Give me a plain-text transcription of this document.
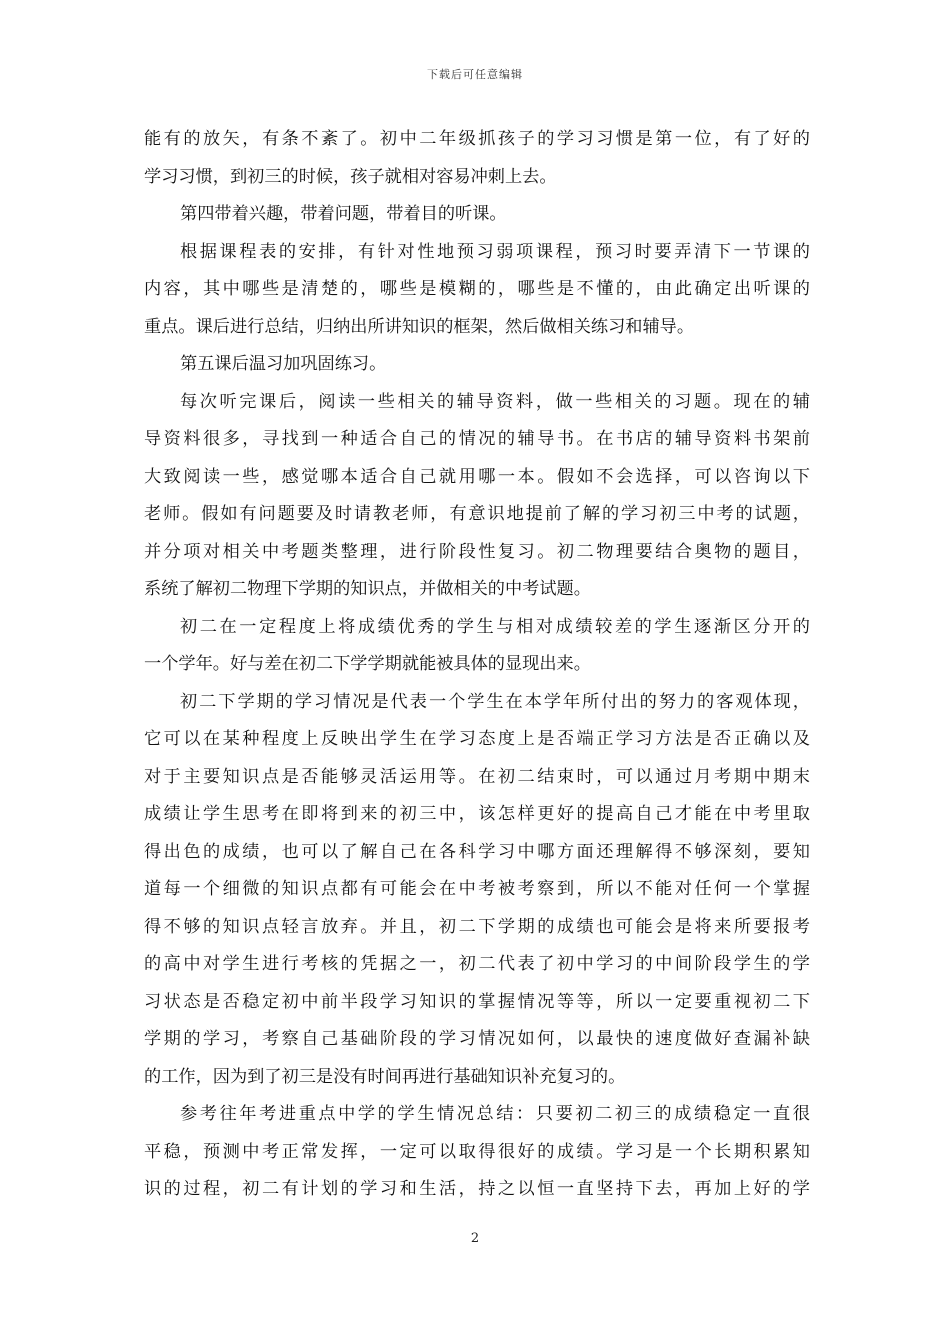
下载后可任意编辑
能有的放矢，有条不紊了。初中二年级抓孩子的学习习惯是第一位，有了好的
学习习惯，到初三的时候，孩子就相对容易冲刺上去。
第四带着兴趣，带着问题，带着目的听课。
根据课程表的安排，有针对性地预习弱项课程，预习时要弄清下一节课的
内容，其中哪些是清楚的，哪些是模糊的，哪些是不懂的，由此确定出听课的
重点。课后进行总结，归纳出所讲知识的框架，然后做相关练习和辅导。
第五课后温习加巩固练习。
每次听完课后，阅读一些相关的辅导资料，做一些相关的习题。现在的辅
导资料很多，寻找到一种适合自己的情况的辅导书。在书店的辅导资料书架前
大致阅读一些，感觉哪本适合自己就用哪一本。假如不会选择，可以咨询以下
老师。假如有问题要及时请教老师，有意识地提前了解的学习初三中考的试题，
并分项对相关中考题类整理，进行阶段性复习。初二物理要结合奥物的题目，
系统了解初二物理下学期的知识点，并做相关的中考试题。
初二在一定程度上将成绩优秀的学生与相对成绩较差的学生逐渐区分开的
一个学年。好与差在初二下学学期就能被具体的显现出来。
初二下学期的学习情况是代表一个学生在本学年所付出的努力的客观体现，
它可以在某种程度上反映出学生在学习态度上是否端正学习方法是否正确以及
对于主要知识点是否能够灵活运用等。在初二结束时，可以通过月考期中期末
成绩让学生思考在即将到来的初三中，该怎样更好的提高自己才能在中考里取
得出色的成绩，也可以了解自己在各科学习中哪方面还理解得不够深刻，要知
道每一个细微的知识点都有可能会在中考被考察到，所以不能对任何一个掌握
得不够的知识点轻言放弃。并且，初二下学期的成绩也可能会是将来所要报考
的高中对学生进行考核的凭据之一，初二代表了初中学习的中间阶段学生的学
习状态是否稳定初中前半段学习知识的掌握情况等等，所以一定要重视初二下
学期的学习，考察自己基础阶段的学习情况如何，以最快的速度做好查漏补缺
的工作，因为到了初三是没有时间再进行基础知识补充复习的。
参考往年考进重点中学的学生情况总结：只要初二初三的成绩稳定一直很
平稳，预测中考正常发挥，一定可以取得很好的成绩。学习是一个长期积累知
识的过程，初二有计划的学习和生活，持之以恒一直坚持下去，再加上好的学
2
